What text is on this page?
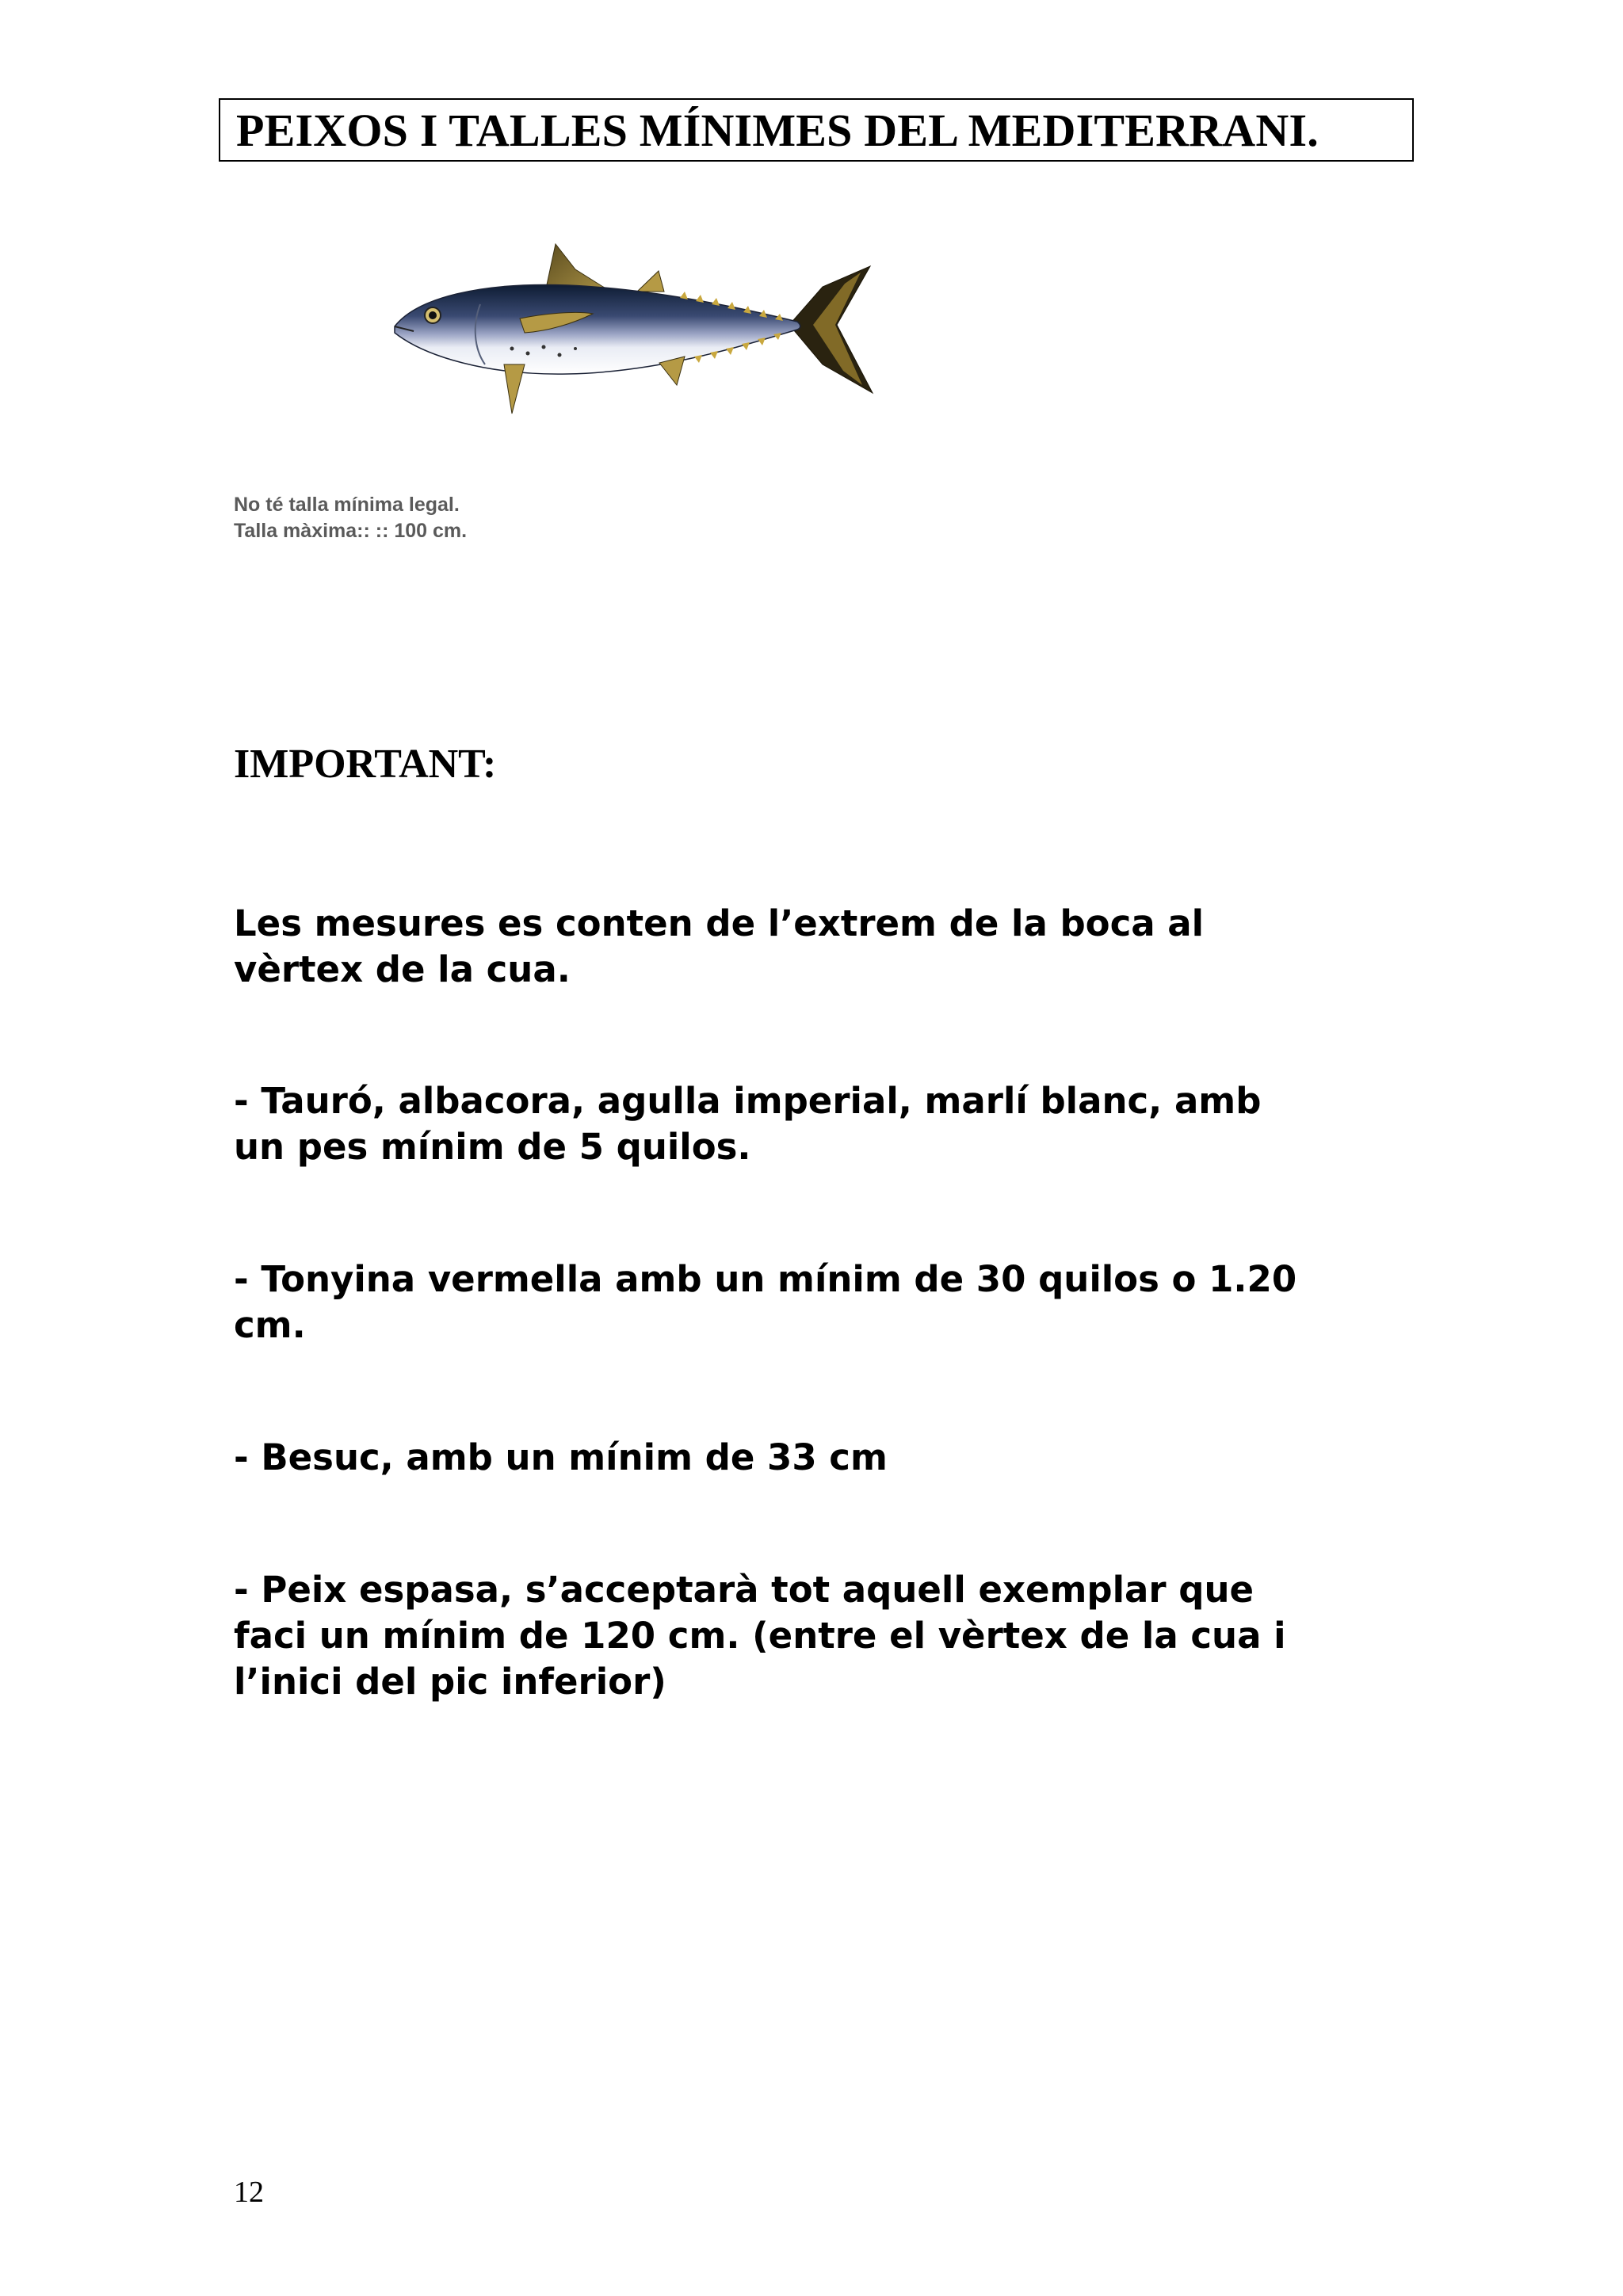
PEIXOS I TALLES MÍNIMES DEL MEDITERRANI.
No té talla mínima legal.
Talla màxima:: :: 100 cm.
IMPORTANT:
Les mesures es conten de l’extrem de la boca al
vèrtex de la cua.
- Tauró, albacora, agulla imperial, marlí blanc, amb
un pes mínim de 5 quilos.
- Tonyina vermella amb un mínim de 30 quilos o 1.20
cm.
- Besuc, amb un mínim de 33 cm
- Peix espasa, s’acceptarà tot aquell exemplar que
faci un mínim de 120 cm. (entre el vèrtex de la cua i
l’inici del pic inferior)
12
